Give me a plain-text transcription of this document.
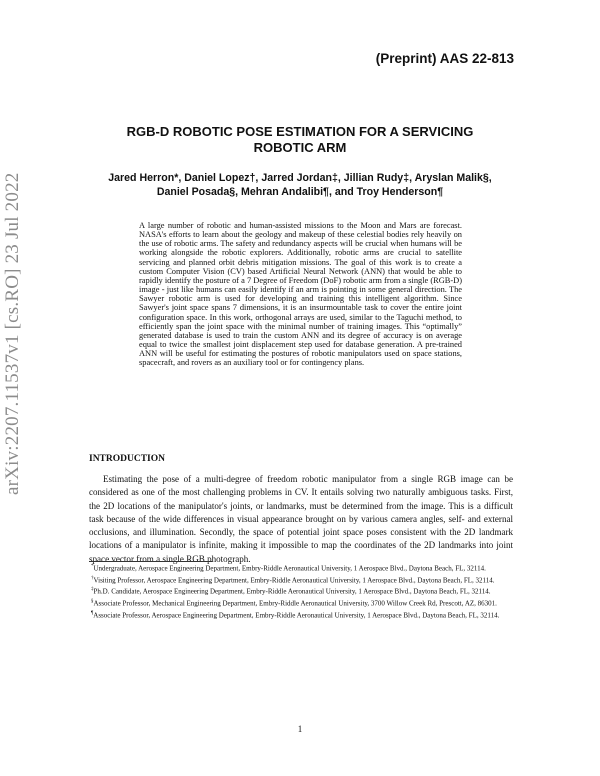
(Preprint) AAS 22-813
RGB-D ROBOTIC POSE ESTIMATION FOR A SERVICING ROBOTIC ARM
Jared Herron*, Daniel Lopez†, Jarred Jordan‡, Jillian Rudy‡, Aryslan Malik§,
Daniel Posada§, Mehran Andalibi¶, and Troy Henderson¶
arXiv:2207.11537v1 [cs.RO] 23 Jul 2022	A large number of robotic and human-assisted missions to the Moon and Mars are forecast. NASA's efforts to learn about the geology and makeup of these celestial bodies rely heavily on the use of robotic arms. The safety and redundancy aspects will be crucial when humans will be working alongside the robotic explorers. Additionally, robotic arms are crucial to satellite servicing and planned orbit debris mitigation missions. The goal of this work is to create a custom Computer Vision (CV) based Artificial Neural Network (ANN) that would be able to rapidly identify the posture of a 7 Degree of Freedom (DoF) robotic arm from a single (RGB-D) image - just like humans can easily identify if an arm is pointing in some general direction. The Sawyer robotic arm is used for developing and training this intelligent algorithm. Since Sawyer's joint space spans 7 dimensions, it is an insurmountable task to cover the entire joint configuration space. In this work, orthogonal arrays are used, similar to the Taguchi method, to efficiently span the joint space with the minimal number of training images. This “optimally” generated database is used to train the custom ANN and its degree of accuracy is on average equal to twice the smallest joint displacement step used for database generation. A pre-trained ANN will be useful for estimating the postures of robotic manipulators used on space stations, spacecraft, and rovers as an auxiliary tool or for contingency plans.
INTRODUCTION
Estimating the pose of a multi-degree of freedom robotic manipulator from a single RGB image can be considered as one of the most challenging problems in CV. It entails solving two naturally ambiguous tasks. First, the 2D locations of the manipulator's joints, or landmarks, must be determined from the image. This is a difficult task because of the wide differences in visual appearance brought on by various camera angles, self- and external occlusions, and illumination. Secondly, the space of potential joint space poses consistent with the 2D landmark locations of a manipulator is infinite, making it impossible to map the coordinates of the 2D landmarks into joint space vector from a single RGB photograph.

*Undergraduate, Aerospace Engineering Department, Embry-Riddle Aeronautical University, 1 Aerospace Blvd., Daytona Beach, FL, 32114.

†Visiting Professor, Aerospace Engineering Department, Embry-Riddle Aeronautical University, 1 Aerospace Blvd., Daytona Beach, FL, 32114.

‡Ph.D. Candidate, Aerospace Engineering Department, Embry-Riddle Aeronautical University, 1 Aerospace Blvd., Daytona Beach, FL, 32114.

§Associate Professor, Mechanical Engineering Department, Embry-Riddle Aeronautical University, 3700 Willow Creek Rd, Prescott, AZ, 86301.

¶Associate Professor, Aerospace Engineering Department, Embry-Riddle Aeronautical University, 1 Aerospace Blvd., Daytona Beach, FL, 32114.

1
